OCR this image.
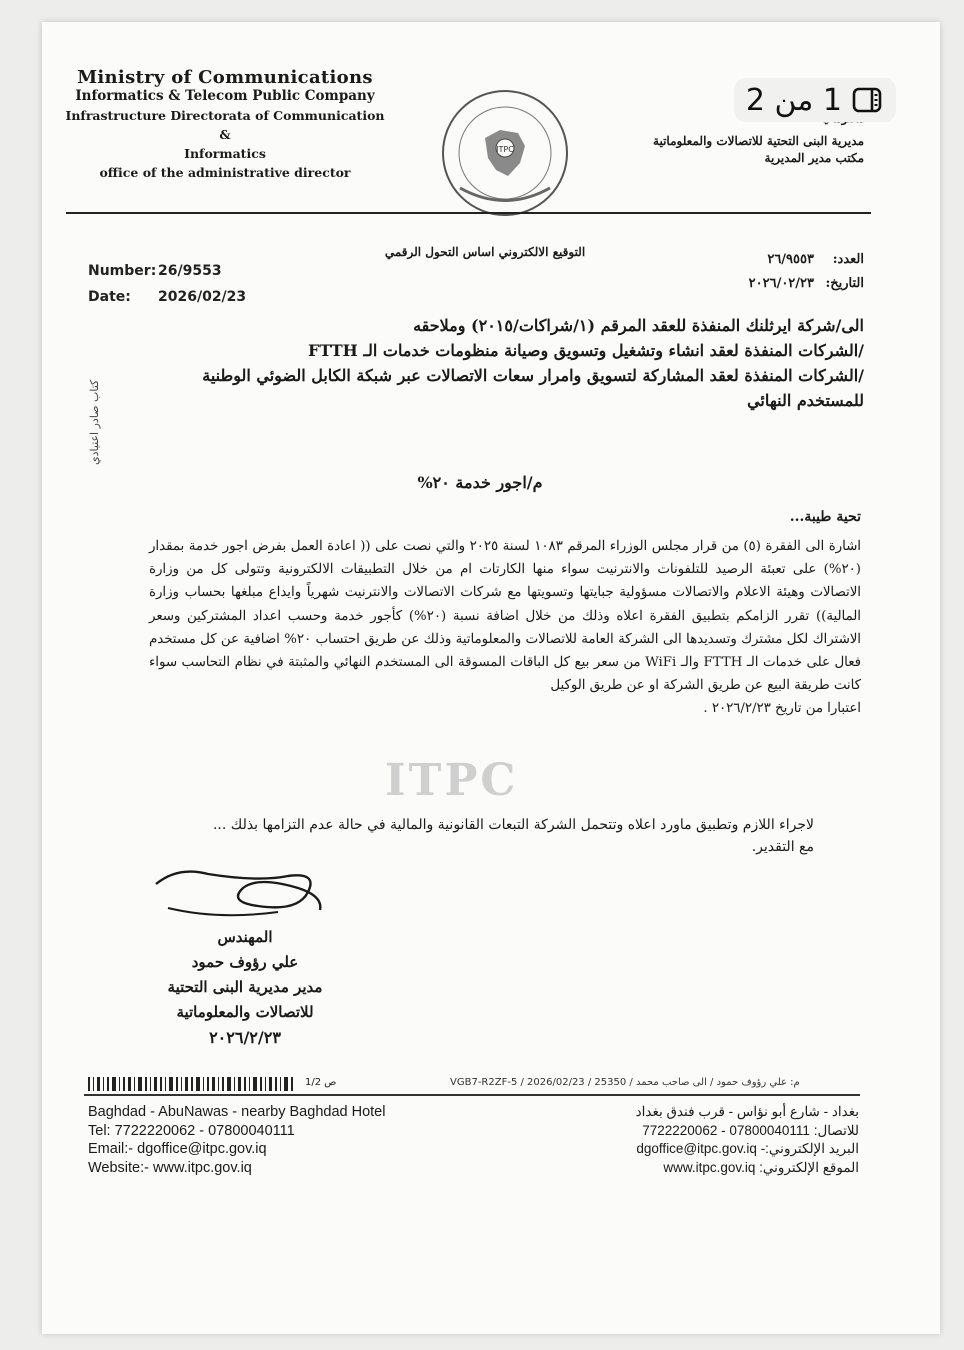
Ministry of Communications
Informatics & Telecom Public Company
Infrastructure Directorata of Communication &
Informatics
office of the administrative director
ITPC
مديرية البنى التحتية للاتصالات والمعلوماتية
مكتب مدير المديرية
1 من 2
التوقيع الالكتروني اساس التحول الرقمي
Number: 26/9553
Date: 2026/02/23
العدد:٢٦/٩٥٥٣
التاريخ:٢٠٢٦/٠٢/٢٣
كتاب صادر اعتيادي
الى/شركة ايرثلنك المنفذة للعقد المرقم (١/شراكات/٢٠١٥) وملاحقه
/الشركات المنفذة لعقد انشاء وتشغيل وتسويق وصيانة منظومات خدمات الـ FTTH
/الشركات المنفذة لعقد المشاركة لتسويق وامرار سعات الاتصالات عبر شبكة الكابل الضوئي الوطنية
للمستخدم النهائي
ITPC
م/اجور خدمة ٢٠%
تحية طيبة...

اشارة الى الفقرة (٥) من قرار مجلس الوزراء المرقم ١٠٨٣ لسنة ٢٠٢٥ والتي نصت على (( اعادة العمل بفرض اجور خدمة بمقدار (٢٠%) على تعبئة الرصيد للتلفونات والانترنيت سواء منها الكارتات ام من خلال التطبيقات الالكترونية وتتولى كل من وزارة الاتصالات وهيئة الاعلام والاتصالات مسؤولية جبايتها وتسويتها مع شركات الاتصالات والانترنيت شهرياً وايداع مبلغها بحساب وزارة المالية)) تقرر الزامكم بتطبيق الفقرة اعلاه وذلك من خلال اضافة نسبة (٢٠%) كأجور خدمة وحسب اعداد المشتركين وسعر الاشتراك لكل مشترك وتسديدها الى الشركة العامة للاتصالات والمعلوماتية وذلك عن طريق احتساب ٢٠% اضافية عن كل مستخدم فعال على خدمات الـ FTTH والـ WiFi من سعر بيع كل الباقات المسوقة الى المستخدم النهائي والمثبتة في نظام التحاسب سواء كانت طريقة البيع عن طريق الشركة او عن طريق الوكيل

اعتبارا من تاريخ ٢٠٢٦/٢/٢٣ .

لاجراء اللازم وتطبيق ماورد اعلاه وتتحمل الشركة التبعات القانونية والمالية في حالة عدم التزامها بذلك ...
مع التقدير.
المهندس
علي رؤوف حمود
مدير مديرية البنى التحتية
للاتصالات والمعلوماتية
٢٠٢٦/٢/٢٣
ص 1/2	VGB7-R2ZF-5 / 2026/02/23 / م: علي رؤوف حمود / الى صاحب محمد / 25350
Baghdad - AbuNawas - nearby Baghdad Hotel
Tel: 7722220062 - 07800040111
Email:- dgoffice@itpc.gov.iq
Website:- www.itpc.gov.iq
بغداد - شارع أبو نؤاس - قرب فندق بغداد
للاتصال: 07800040111 - 7722220062
البريد الإلكتروني:- dgoffice@itpc.gov.iq
الموقع الإلكتروني: www.itpc.gov.iq
